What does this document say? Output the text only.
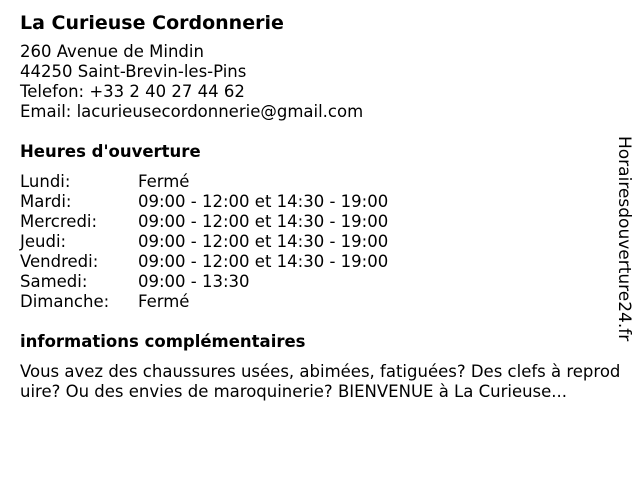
La Curieuse Cordonnerie
260 Avenue de Mindin
44250 Saint-Brevin-les-Pins
Telefon: +33 2 40 27 44 62
Email: lacurieusecordonnerie@gmail.com
Heures d'ouverture
Lundi:	Fermé
Mardi:	09:00 - 12:00 et 14:30 - 19:00
Mercredi:	09:00 - 12:00 et 14:30 - 19:00
Jeudi:	09:00 - 12:00 et 14:30 - 19:00
Vendredi:	09:00 - 12:00 et 14:30 - 19:00
Samedi:	09:00 - 13:30
Dimanche:	Fermé
informations complémentaires
Vous avez des chaussures usées, abimées, fatiguées? Des clefs à reproduire? Ou des envies de maroquinerie? BIENVENUE à La Curieuse...
Horairesdouverture24.fr
